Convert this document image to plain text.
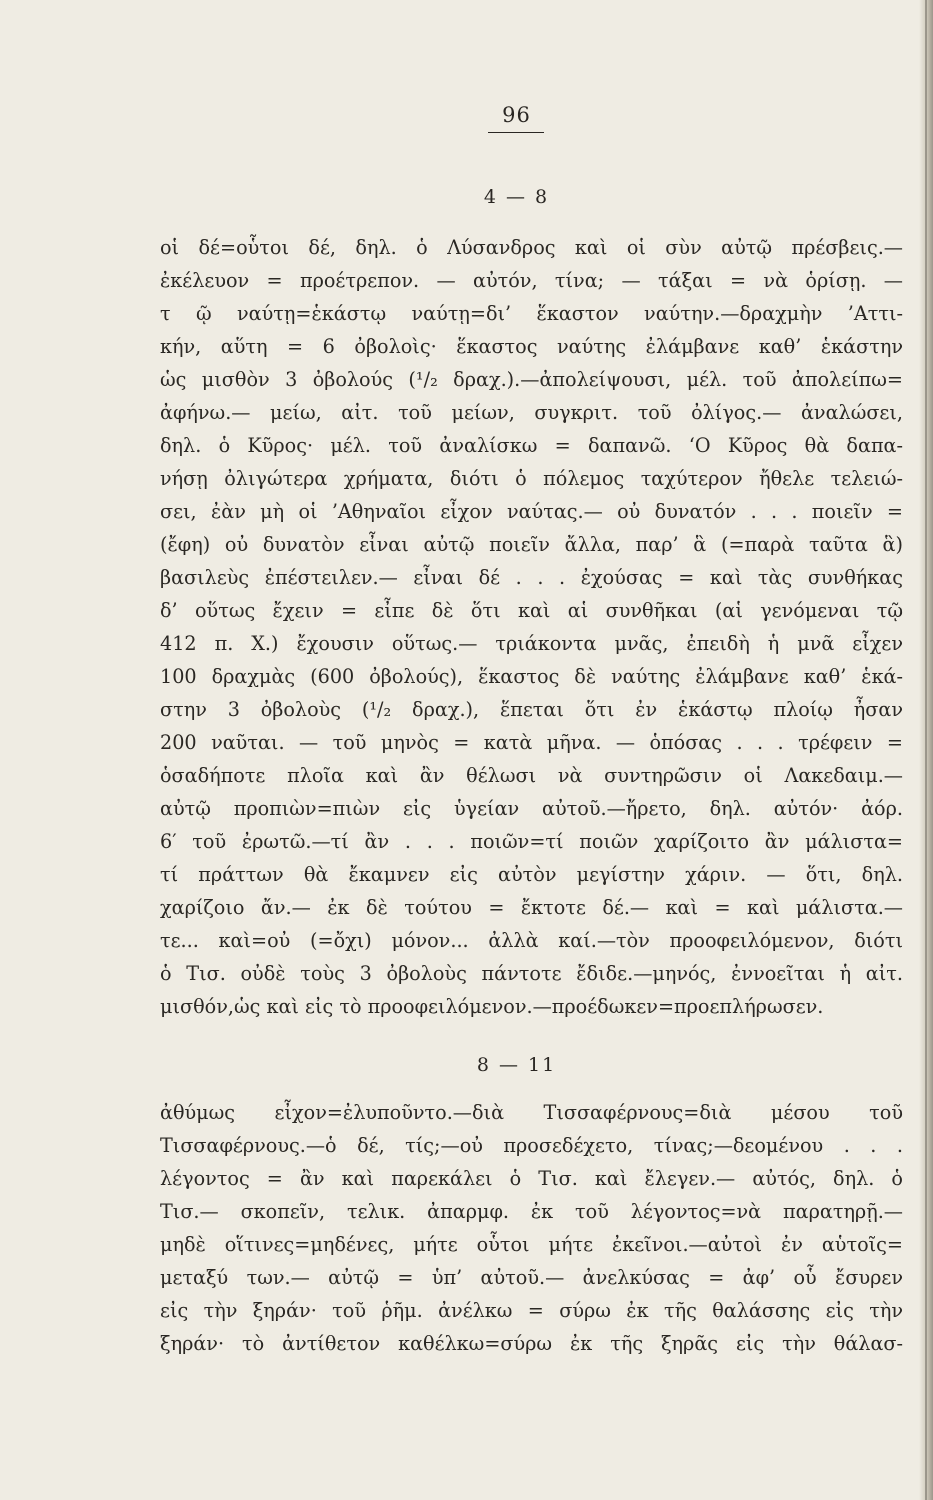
96
4 — 8
οἱ δέ=οὗτοι δέ, δηλ. ὁ Λύσανδρος καὶ οἱ σὺν αὐτῷ πρέσβεις.—
ἐκέλευον = προέτρεπον. — αὐτόν, τίνα; — τάξαι = νὰ ὁρίσῃ. —
τ ῷ ναύτῃ=ἑκάστῳ ναύτῃ=δι’ ἕκαστον ναύτην.—δραχμὴν ’Αττι-
κήν, αὕτη = 6 ὀβολοὶς· ἕκαστος ναύτης ἐλάμβανε καθ’ ἑκάστην
ὡς μισθὸν 3 ὀβολούς (¹/₂ δραχ.).—ἀπολείψουσι, μέλ. τοῦ ἀπολείπω=
ἀφήνω.— μείω, αἰτ. τοῦ μείων, συγκριτ. τοῦ ὀλίγος.— ἀναλώσει,
δηλ. ὁ Κῦρος· μέλ. τοῦ ἀναλίσκω = δαπανῶ. ‘Ο Κῦρος θὰ δαπα-
νήσῃ ὀλιγώτερα χρήματα, διότι ὁ πόλεμος ταχύτερον ἤθελε τελειώ-
σει, ἐὰν μὴ οἱ ’Αθηναῖοι εἶχον ναύτας.— οὐ δυνατόν . . . ποιεῖν =
(ἔφη) οὐ δυνατὸν εἶναι αὐτῷ ποιεῖν ἄλλα, παρ’ ἃ (=παρὰ ταῦτα ἃ)
βασιλεὺς ἐπέστειλεν.— εἶναι δέ . . . ἐχούσας = καὶ τὰς συνθήκας
δ’ οὕτως ἔχειν = εἶπε δὲ ὅτι καὶ αἱ συνθῆκαι (αἱ γενόμεναι τῷ
412 π. Χ.) ἔχουσιν οὕτως.— τριάκοντα μνᾶς, ἐπειδὴ ἡ μνᾶ εἶχεν
100 δραχμὰς (600 ὀβολούς), ἕκαστος δὲ ναύτης ἐλάμβανε καθ’ ἑκά-
στην 3 ὀβολοὺς (¹/₂ δραχ.), ἕπεται ὅτι ἐν ἑκάστῳ πλοίῳ ἦσαν
200 ναῦται. — τοῦ μηνὸς = κατὰ μῆνα. — ὁπόσας . . . τρέφειν =
ὁσαδήποτε πλοῖα καὶ ἂν θέλωσι νὰ συντηρῶσιν οἱ Λακεδαιμ.—
αὐτῷ προπιὼν=πιὼν εἰς ὑγείαν αὐτοῦ.—ἤρετο, δηλ. αὐτόν· ἀόρ.
6′ τοῦ ἐρωτῶ.—τί ἂν . . . ποιῶν=τί ποιῶν χαρίζοιτο ἂν μάλιστα=
τί πράττων θὰ ἔκαμνεν εἰς αὐτὸν μεγίστην χάριν. — ὅτι, δηλ.
χαρίζοιο ἄν.— ἐκ δὲ τούτου = ἔκτοτε δέ.— καὶ = καὶ μάλιστα.—
τε... καὶ=οὐ (=ὄχι) μόνον... ἀλλὰ καί.—τὸν προοφειλόμενον, διότι
ὁ Τισ. οὐδὲ τοὺς 3 ὀβολοὺς πάντοτε ἔδιδε.—μηνός, ἐννοεῖται ἡ αἰτ.
μισθόν,ὡς καὶ εἰς τὸ προοφειλόμενον.—προέδωκεν=προεπλήρωσεν.
8 — 11
ἀθύμως εἶχον=ἐλυποῦντο.—διὰ Τισσαφέρνους=διὰ μέσου τοῦ
Τισσαφέρνους.—ὁ δέ, τίς;—οὐ προσεδέχετο, τίνας;—δεομένου . . .
λέγοντος = ἂν καὶ παρεκάλει ὁ Τισ. καὶ ἔλεγεν.— αὐτός, δηλ. ὁ
Τισ.— σκοπεῖν, τελικ. ἀπαρμφ. ἐκ τοῦ λέγοντος=νὰ παρατηρῇ.—
μηδὲ οἵτινες=μηδένες, μήτε οὗτοι μήτε ἐκεῖνοι.—αὐτοὶ ἐν αὑτοῖς=
μεταξύ των.— αὐτῷ = ὑπ’ αὐτοῦ.— ἀνελκύσας = ἀφ’ οὗ ἔσυρεν
εἰς τὴν ξηράν· τοῦ ῥῆμ. ἀνέλκω = σύρω ἐκ τῆς θαλάσσης εἰς τὴν
ξηράν· τὸ ἀντίθετον καθέλκω=σύρω ἐκ τῆς ξηρᾶς εἰς τὴν θάλασ-
